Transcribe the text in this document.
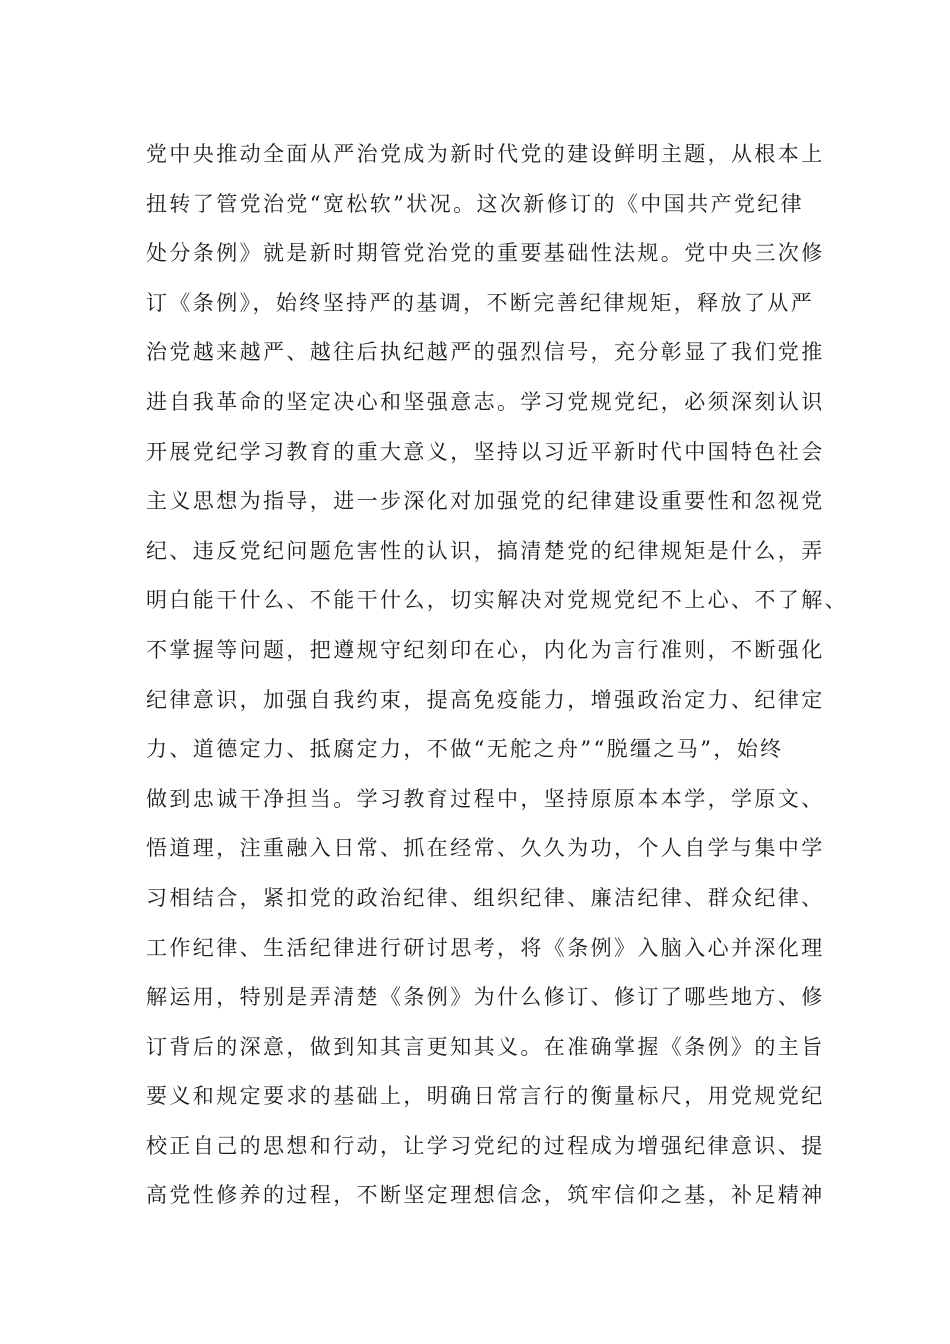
党中央推动全面从严治党成为新时代党的建设鲜明主题，从根本上
扭转了管党治党“宽松软”状况。这次新修订的《中国共产党纪律
处分条例》就是新时期管党治党的重要基础性法规。党中央三次修
订《条例》，始终坚持严的基调，不断完善纪律规矩，释放了从严
治党越来越严、越往后执纪越严的强烈信号，充分彰显了我们党推
进自我革命的坚定决心和坚强意志。学习党规党纪，必须深刻认识
开展党纪学习教育的重大意义，坚持以习近平新时代中国特色社会
主义思想为指导，进一步深化对加强党的纪律建设重要性和忽视党
纪、违反党纪问题危害性的认识，搞清楚党的纪律规矩是什么，弄
明白能干什么、不能干什么，切实解决对党规党纪不上心、不了解、
不掌握等问题，把遵规守纪刻印在心，内化为言行准则，不断强化
纪律意识，加强自我约束，提高免疫能力，增强政治定力、纪律定
力、道德定力、抵腐定力，不做“无舵之舟”“脱缰之马”，始终
做到忠诚干净担当。学习教育过程中，坚持原原本本学，学原文、
悟道理，注重融入日常、抓在经常、久久为功，个人自学与集中学
习相结合，紧扣党的政治纪律、组织纪律、廉洁纪律、群众纪律、
工作纪律、生活纪律进行研讨思考，将《条例》入脑入心并深化理
解运用，特别是弄清楚《条例》为什么修订、修订了哪些地方、修
订背后的深意，做到知其言更知其义。在准确掌握《条例》的主旨
要义和规定要求的基础上，明确日常言行的衡量标尺，用党规党纪
校正自己的思想和行动，让学习党纪的过程成为增强纪律意识、提
高党性修养的过程，不断坚定理想信念，筑牢信仰之基，补足精神
